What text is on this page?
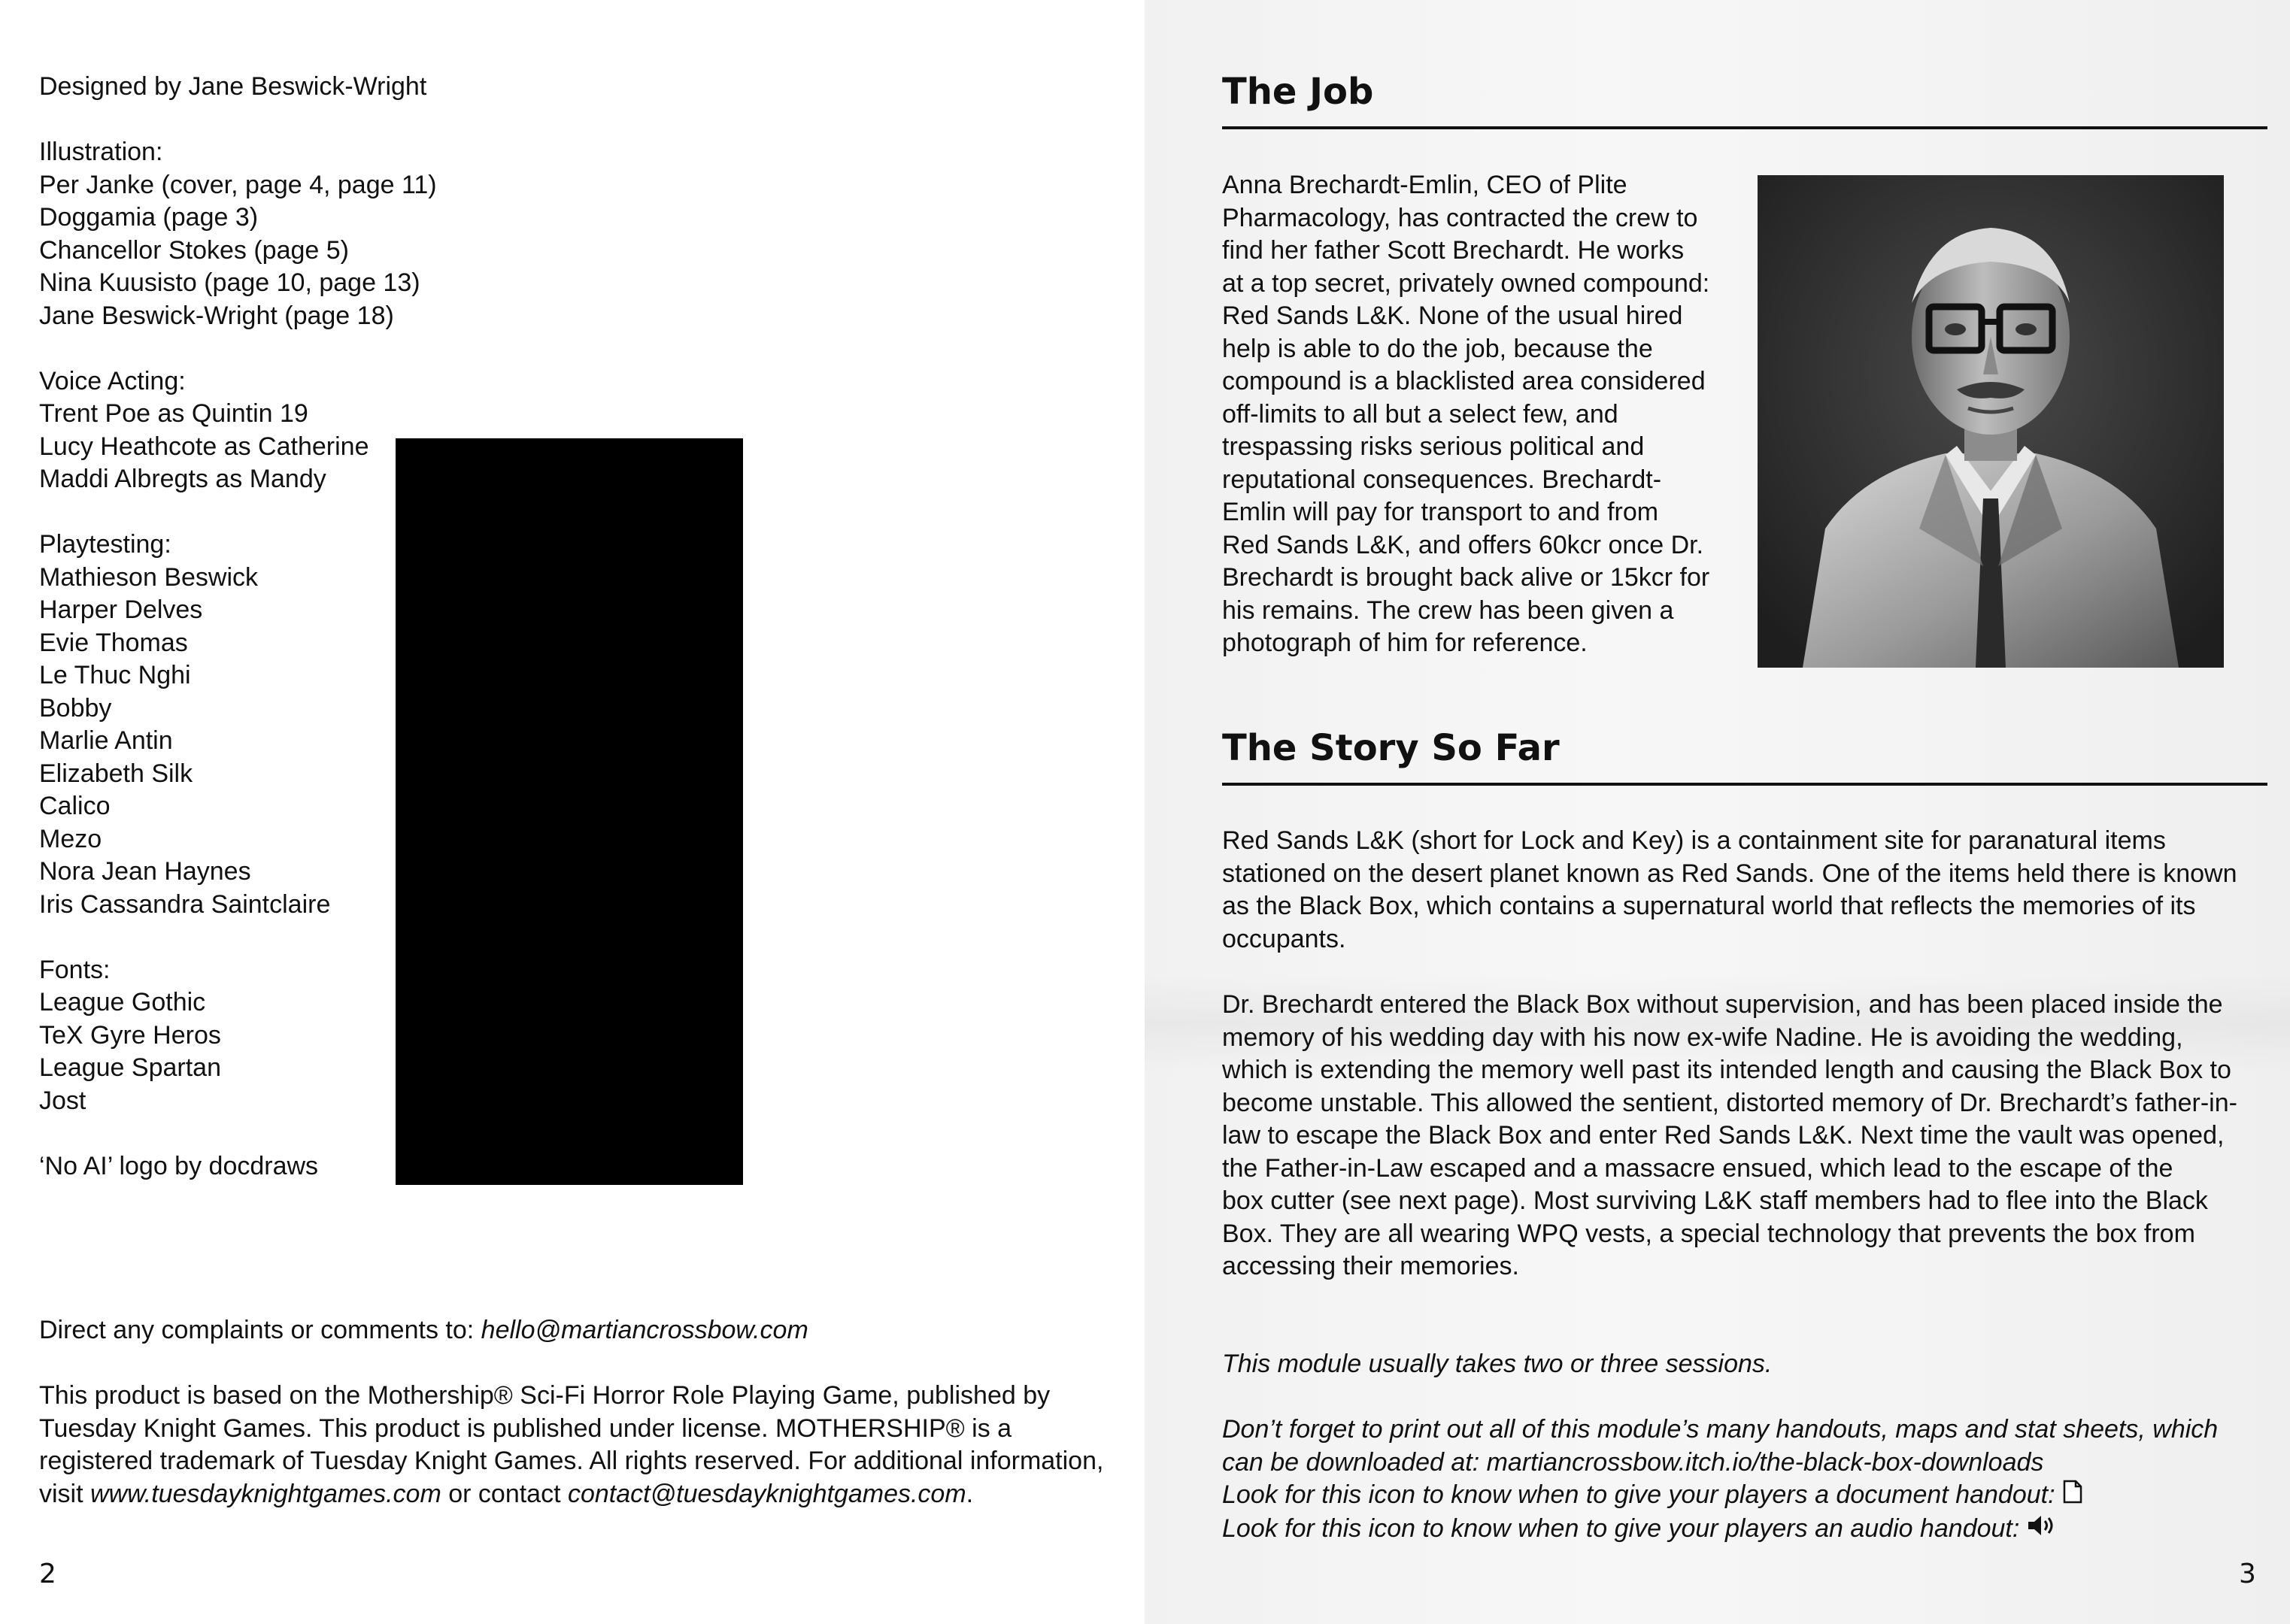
Designed by Jane Beswick-Wright
Illustration:
Per Janke (cover, page 4, page 11)
Doggamia (page 3)
Chancellor Stokes (page 5)
Nina Kuusisto (page 10, page 13)
Jane Beswick-Wright (page 18)
Voice Acting:
Trent Poe as Quintin 19
Lucy Heathcote as Catherine
Maddi Albregts as Mandy
Playtesting:
Mathieson Beswick
Harper Delves
Evie Thomas
Le Thuc Nghi
Bobby
Marlie Antin
Elizabeth Silk
Calico
Mezo
Nora Jean Haynes
Iris Cassandra Saintclaire
Fonts:
League Gothic
TeX Gyre Heros
League Spartan
Jost
‘No AI’ logo by docdraws
Direct any complaints or comments to: hello@martiancrossbow.com
This product is based on the Mothership® Sci-Fi Horror Role Playing Game, published by
Tuesday Knight Games. This product is published under license. MOTHERSHIP® is a
registered trademark of Tuesday Knight Games. All rights reserved. For additional information,
visit www.tuesdayknightgames.com or contact contact@tuesdayknightgames.com.
2
The Job
Anna Brechardt-Emlin, CEO of Plite
Pharmacology, has contracted the crew to
find her father Scott Brechardt. He works
at a top secret, privately owned compound:
Red Sands L&K. None of the usual hired
help is able to do the job, because the
compound is a blacklisted area considered
off-limits to all but a select few, and
trespassing risks serious political and
reputational consequences. Brechardt-
Emlin will pay for transport to and from
Red Sands L&K, and offers 60kcr once Dr.
Brechardt is brought back alive or 15kcr for
his remains. The crew has been given a
photograph of him for reference.
The Story So Far
Red Sands L&K (short for Lock and Key) is a containment site for paranatural items
stationed on the desert planet known as Red Sands. One of the items held there is known
as the Black Box, which contains a supernatural world that reflects the memories of its
occupants.
Dr. Brechardt entered the Black Box without supervision, and has been placed inside the
memory of his wedding day with his now ex-wife Nadine. He is avoiding the wedding,
which is extending the memory well past its intended length and causing the Black Box to
become unstable. This allowed the sentient, distorted memory of Dr. Brechardt’s father-in-
law to escape the Black Box and enter Red Sands L&K. Next time the vault was opened,
the Father-in-Law escaped and a massacre ensued, which lead to the escape of the
box cutter (see next page). Most surviving L&K staff members had to flee into the Black
Box. They are all wearing WPQ vests, a special technology that prevents the box from
accessing their memories.
This module usually takes two or three sessions.
Don’t forget to print out all of this module’s many handouts, maps and stat sheets, which
can be downloaded at: martiancrossbow.itch.io/the-black-box-downloads
Look for this icon to know when to give your players a document handout:
Look for this icon to know when to give your players an audio handout:
3
